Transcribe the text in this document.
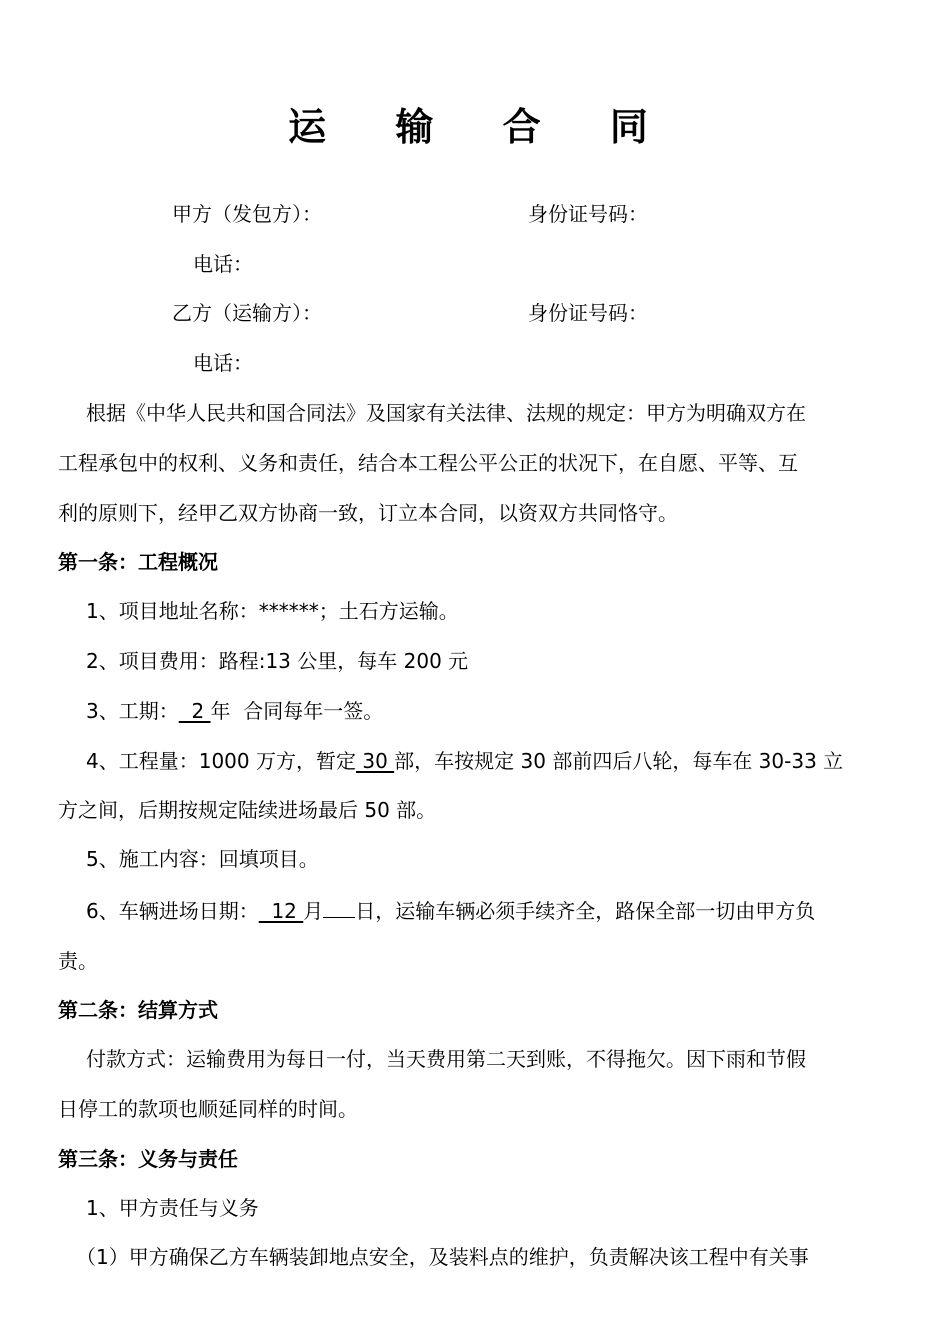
运 输 合 同
甲方（发包方）：	身份证号码：
电话：
乙方（运输方）：	身份证号码：
电话：
根据《中华人民共和国合同法》及国家有关法律、法规的规定：甲方为明确双方在
工程承包中的权利、义务和责任，结合本工程公平公正的状况下，在自愿、平等、互
利的原则下，经甲乙双方协商一致，订立本合同，以资双方共同恪守。
第一条：工程概况
1、项目地址名称：******；土石方运输。
2、项目费用：路程:13 公里，每车 200 元
3、工期：  2 年  合同每年一签。
4、工程量：1000 万方，暂定 30 部，车按规定 30 部前四后八轮，每车在 30-33 立
方之间，后期按规定陆续进场最后 50 部。
5、施工内容：回填项目。
6、车辆进场日期：  12 月 日，运输车辆必须手续齐全，路保全部一切由甲方负
责。
第二条：结算方式
付款方式：运输费用为每日一付，当天费用第二天到账，不得拖欠。因下雨和节假
日停工的款项也顺延同样的时间。
第三条：义务与责任
1、甲方责任与义务
（1）甲方确保乙方车辆装卸地点安全，及装料点的维护，负责解决该工程中有关事
